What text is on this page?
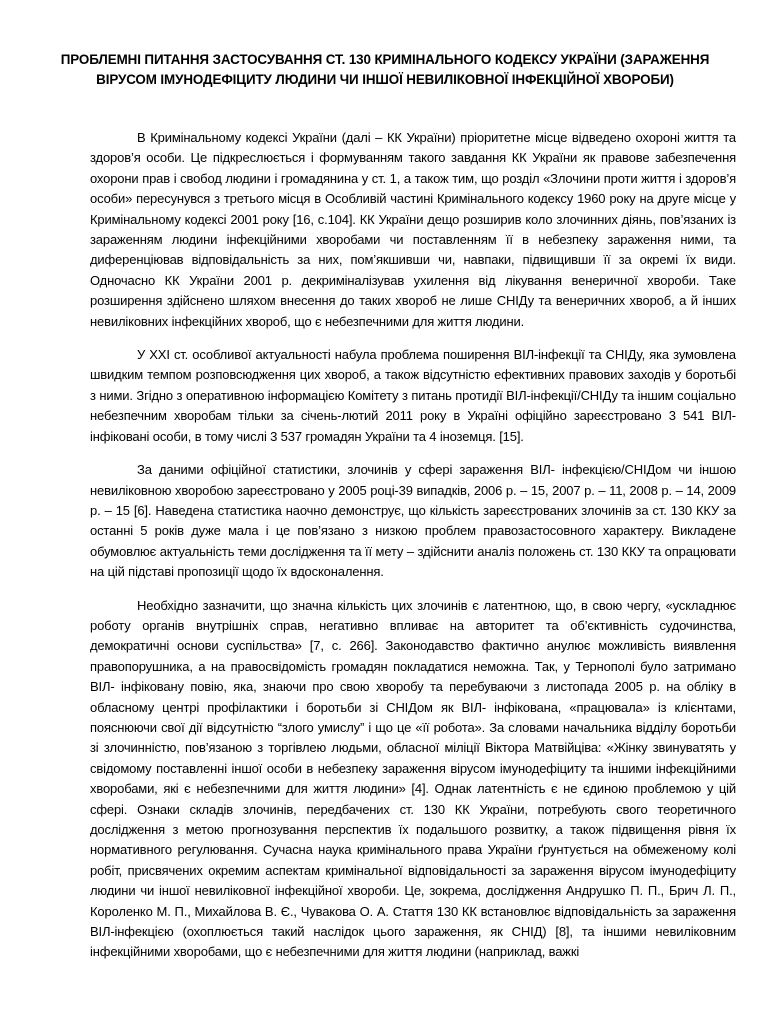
ПРОБЛЕМНІ ПИТАННЯ ЗАСТОСУВАННЯ СТ. 130 КРИМІНАЛЬНОГО КОДЕКСУ УКРАЇНИ (ЗАРАЖЕННЯ ВІРУСОМ ІМУНОДЕФІЦИТУ ЛЮДИНИ ЧИ ІНШОЇ НЕВИЛІКОВНОЇ ІНФЕКЦІЙНОЇ ХВОРОБИ)

В Кримінальному кодексі України (далі – КК України) пріоритетне місце відведено охороні життя та здоров’я особи. Це підкреслюється і формуванням такого завдання КК України як правове забезпечення охорони прав і свобод людини і громадянина у ст. 1, а також тим, що розділ «Злочини проти життя і здоров’я особи» пересунувся з третього місця в Особливій частині Кримінального кодексу 1960 року на друге місце у Кримінальному кодексі 2001 року [16, с.104]. КК України дещо розширив коло злочинних діянь, пов’язаних із зараженням людини інфекційними хворобами чи поставленням її в небезпеку зараження ними, та диференціював відповідальність за них, пом’якшивши чи, навпаки, підвищивши її за окремі їх види. Одночасно КК України 2001 р. декриміналізував ухилення від лікування венеричної хвороби. Таке розширення здійснено шляхом внесення до таких хвороб не лише СНІДу та венеричних хвороб, а й інших невиліковних інфекційних хвороб, що є небезпечними для життя людини.

У ХХІ ст. особливої актуальності набула проблема поширення ВІЛ-інфекції та СНІДу, яка зумовлена швидким темпом розповсюдження цих хвороб, а також відсутністю ефективних правових заходів у боротьбі з ними. Згідно з оперативною інформацією Комітету з питань протидії ВІЛ-інфекції/СНІДу та іншим соціально небезпечним хворобам тільки за січень-лютий 2011 року в Україні офіційно зареєстровано 3 541 ВІЛ-інфіковані особи, в тому числі 3 537 громадян України та 4 іноземця. [15].

За даними офіційної статистики, злочинів у сфері зараження ВІЛ- інфекцією/СНІДом чи іншою невиліковною хворобою зареєстровано у 2005 році-39 випадків, 2006 р. – 15, 2007 р. – 11, 2008 р. – 14, 2009 р. – 15 [6]. Наведена статистика наочно демонструє, що кількість зареєстрованих злочинів за ст. 130 ККУ за останні 5 років дуже мала і це пов’язано з низкою проблем правозастосовного характеру. Викладене обумовлює актуальність теми дослідження та її мету – здійснити аналіз положень ст. 130 ККУ та опрацювати на цій підставі пропозиції щодо їх вдосконалення.

Необхідно зазначити, що значна кількість цих злочинів є латентною, що, в свою чергу, «ускладнює роботу органів внутрішніх справ, негативно впливає на авторитет та об’єктивність судочинства, демократичні основи суспільства» [7, с. 266]. Законодавство фактично анулює можливість виявлення правопорушника, а на правосвідомість громадян покладатися неможна. Так, у Тернополі було затримано ВІЛ- інфіковану повію, яка, знаючи про свою хворобу та перебуваючи з листопада 2005 р. на обліку в обласному центрі профілактики і боротьби зі СНІДом як ВІЛ- інфікована, «працювала» із клієнтами, пояснюючи свої дії відсутністю “злого умислу” і що це «її робота». За словами начальника відділу боротьби зі злочинністю, пов’язаною з торгівлею людьми, обласної міліції Віктора Матвійціва: «Жінку звинуватять у свідомому поставленні іншої особи в небезпеку зараження вірусом імунодефіциту та іншими інфекційними хворобами, які є небезпечними для життя людини» [4]. Однак латентність є не єдиною проблемою у цій сфері. Ознаки складів злочинів, передбачених ст. 130 КК України, потребують свого теоретичного дослідження з метою прогнозування перспектив їх подальшого розвитку, а також підвищення рівня їх нормативного регулювання. Сучасна наука кримінального права України ґрунтується на обмеженому колі робіт, присвячених окремим аспектам кримінальної відповідальності за зараження вірусом імунодефіциту людини чи іншої невиліковної інфекційної хвороби. Це, зокрема, дослідження Андрушко П. П., Брич Л. П., Короленко М. П., Михайлова В. Є., Чувакова О. А. Стаття 130 КК встановлює відповідальність за зараження ВІЛ-інфекцією (охоплюється такий наслідок цього зараження, як СНІД) [8], та іншими невиліковним інфекційними хворобами, що є небезпечними для життя людини (наприклад, важкі
